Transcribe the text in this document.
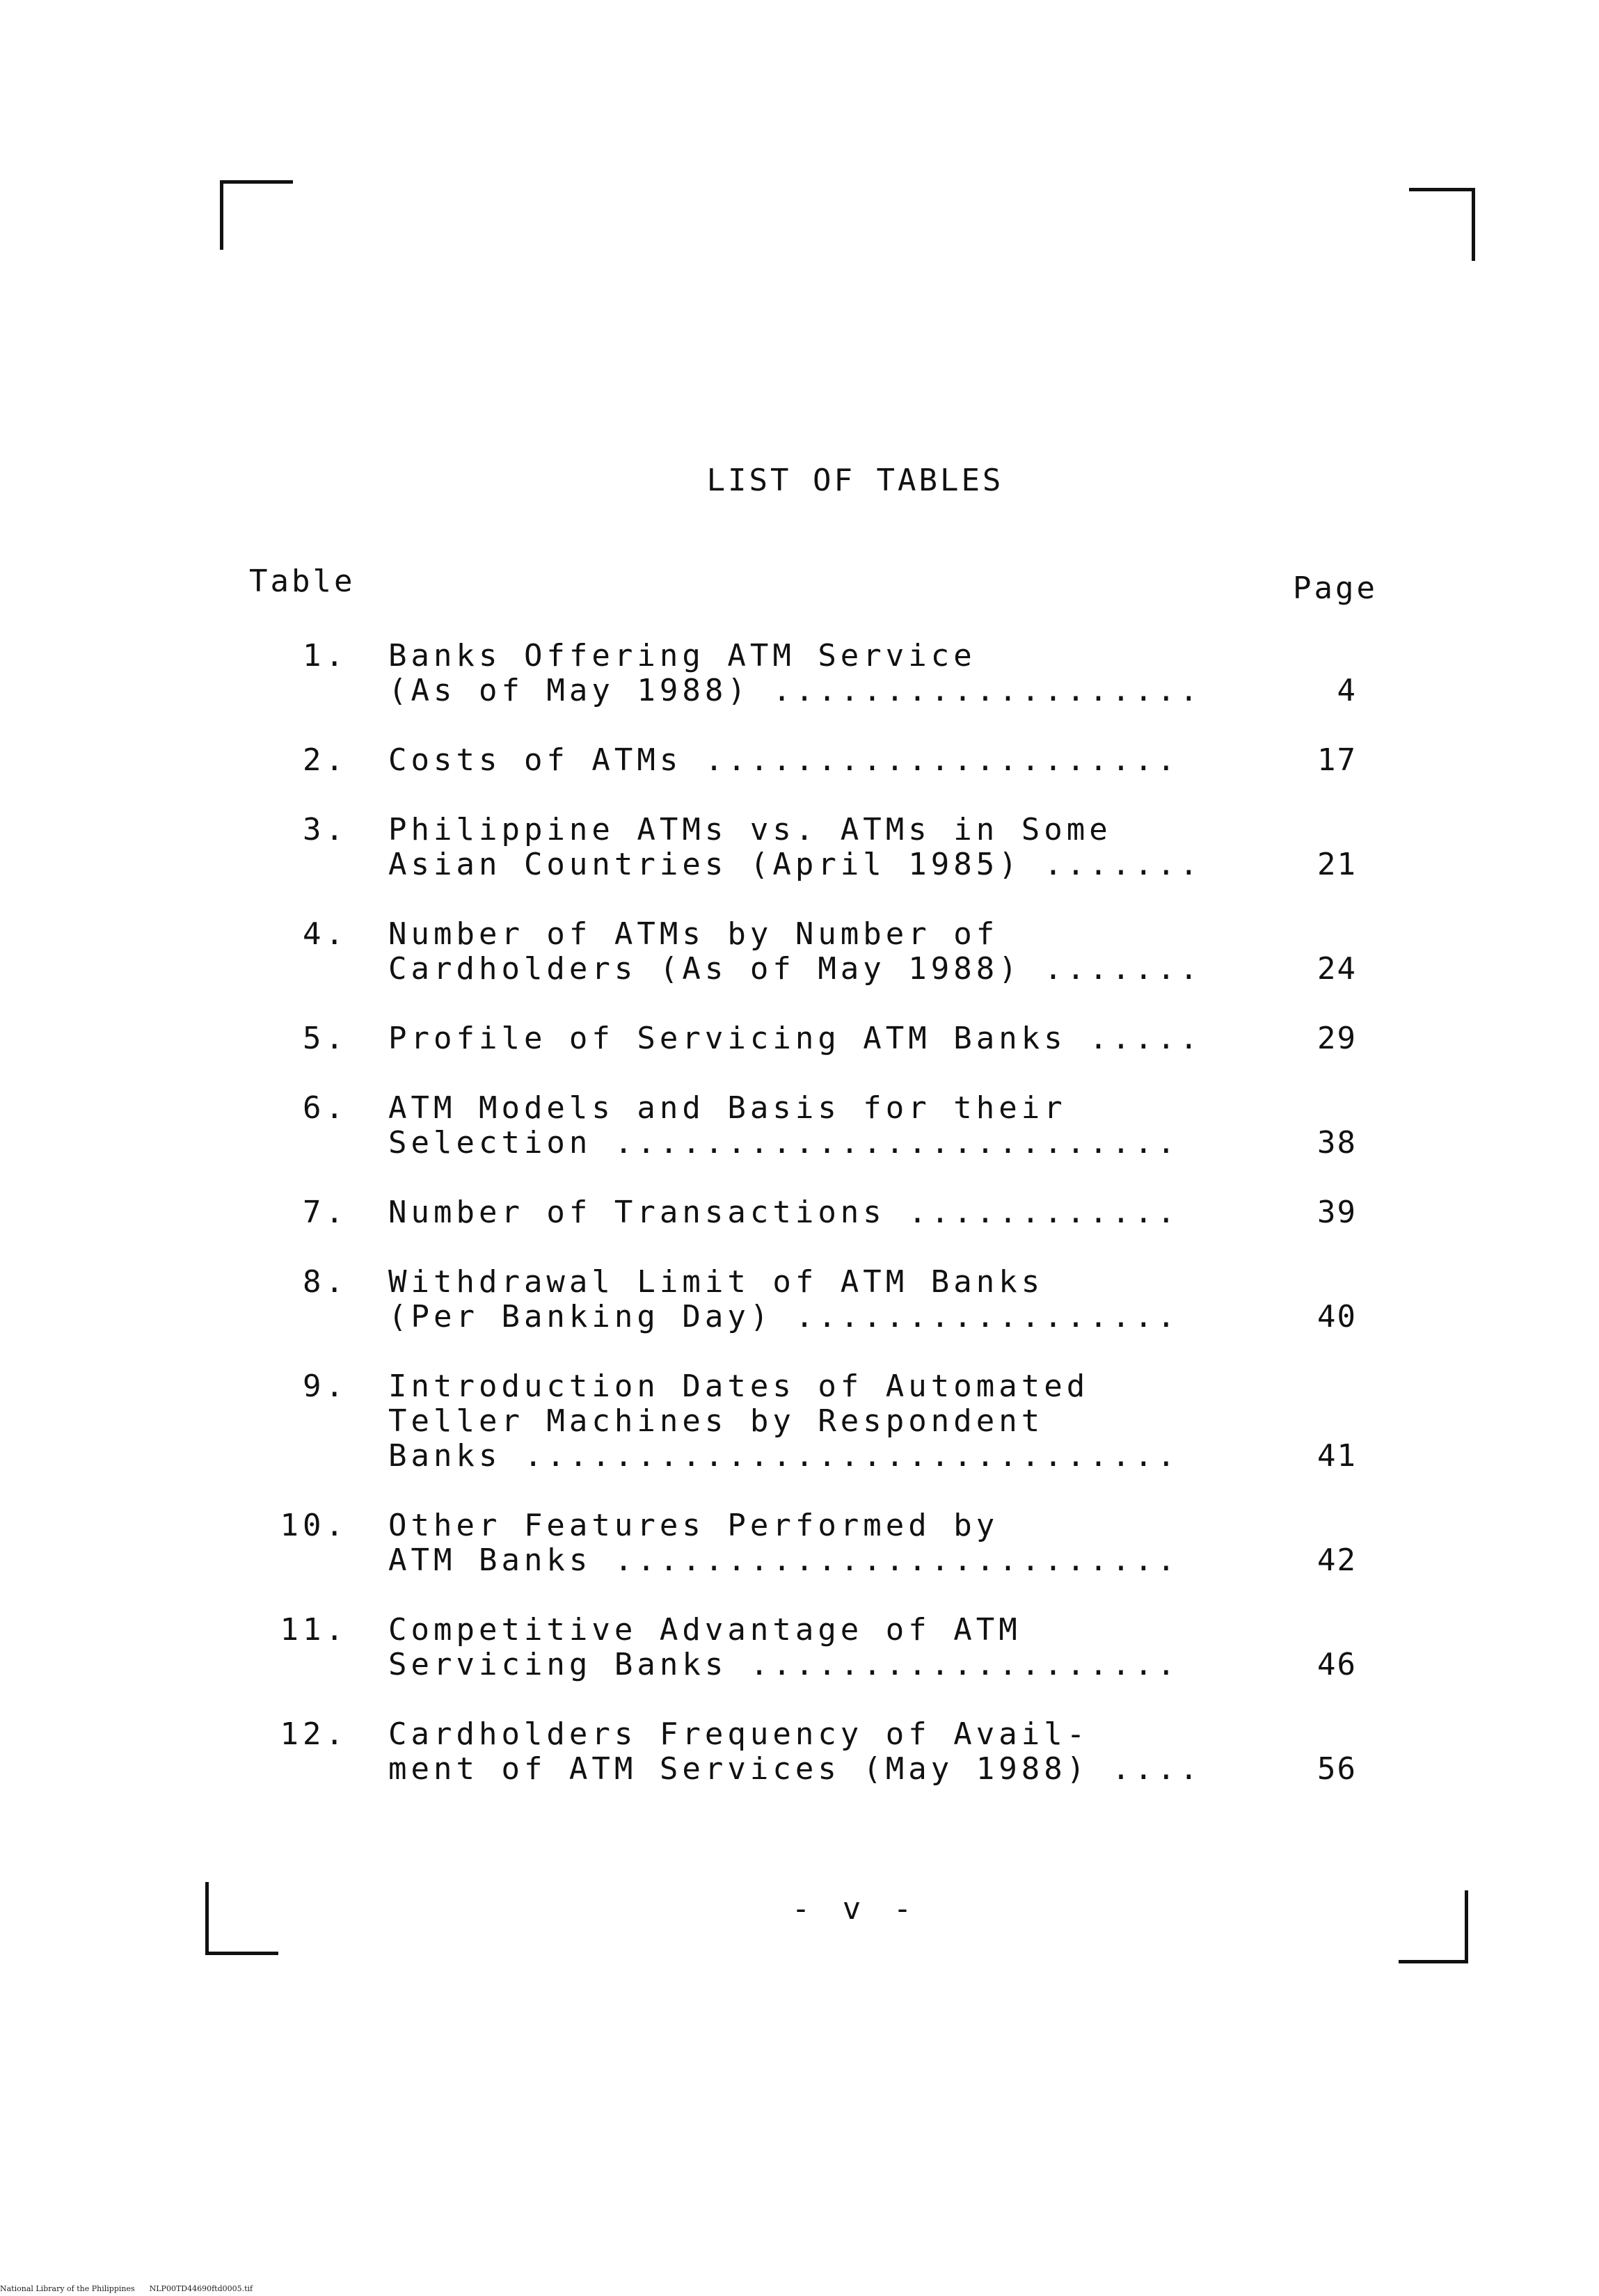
LIST OF TABLES
Table	Page
1. Banks Offering ATM Service
(As of May 1988) ...................	4
2. Costs of ATMs .....................	17
3. Philippine ATMs vs. ATMs in Some
Asian Countries (April 1985) .......	21
4. Number of ATMs by Number of
Cardholders (As of May 1988) .......	24
5. Profile of Servicing ATM Banks .....	29
6. ATM Models and Basis for their
Selection .........................	38
7. Number of Transactions ............	39
8. Withdrawal Limit of ATM Banks
(Per Banking Day) .................	40
9. Introduction Dates of Automated
Teller Machines by Respondent
Banks .............................	41
10. Other Features Performed by
ATM Banks .........................	42
11. Competitive Advantage of ATM
Servicing Banks ...................	46
12. Cardholders Frequency of Avail-
ment of ATM Services (May 1988) ....	56
- v -
National Library of the Philippines      NLP00TD44690ftd0005.tif
